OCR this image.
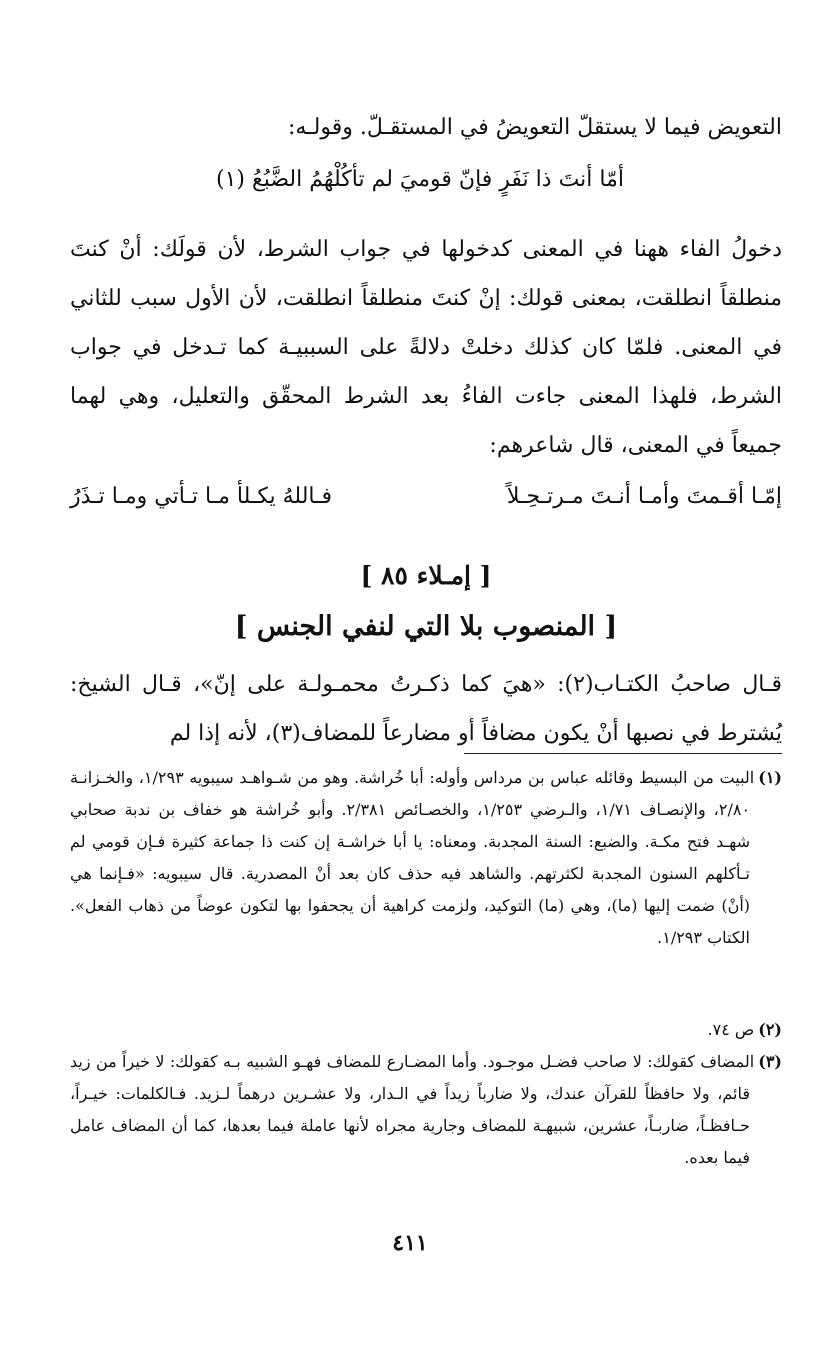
التعويض فيما لا يستقلّ التعويضُ في المستقـلّ. وقولـه:

أمّا أنتَ ذا نَفَرٍ فإنّ قوميَ لم تأكُلْهُمُ الضَّبُعُ (١)

دخولُ الفاء ههنا في المعنى كدخولها في جواب الشرط، لأن قولَك: أنْ كنتَ منطلقاً انطلقت، بمعنى قولك: إنْ كنتَ منطلقاً انطلقت، لأن الأول سبب للثاني في المعنى. فلمّا كان كذلك دخلتْ دلالةً على السببيـة كما تـدخل في جواب الشرط، فلهذا المعنى جاءت الفاءُ بعد الشرط المحقّق والتعليل، وهي لهما جميعاً في المعنى، قال شاعرهم:

إمّـا أقـمتَ وأمـا أنـتَ مـرتـحِـلاً
فـاللهُ يكـلأ مـا تـأتي ومـا تـذَرُ

[ إمـلاء ٨٥ ]

[ المنصوب بلا التي لنفي الجنس ]

قـال صاحبُ الكتـاب(٢): «هيَ كما ذكـرتُ محمـولـة على إنّ»، قـال الشيخ: يُشترط في نصبها أنْ يكون مضافاً أو مضارعاً للمضاف(٣)، لأنه إذا لم

(١)البيت من البسيط وقائله عباس بن مرداس وأوله: أبا خُراشة. وهو من شـواهـد سيبويه ١/٢٩٣، والخـزانـة ٢/٨٠، والإنصـاف ١/٧١، والـرضي ١/٢٥٣، والخصـائص ٢/٣٨١. وأبو خُراشة هو خفاف بن ندبة صحابي شهـد فتح مكـة. والضبع: السنة المجدبة. ومعناه: يا أبا خراشـة إن كنت ذا جماعة كثيرة فـإن قومي لم تـأكلهم السنون المجدبة لكثرتهم. والشاهد فيه حذف كان بعد أنْ المصدرية. قال سيبويه: «فـإنما هي (أنْ) ضمت إليها (ما)، وهي (ما) التوكيد، ولزمت كراهية أن يجحفوا بها لتكون عوضاً من ذهاب الفعل». الكتاب ١/٢٩٣.
(٢)ص ٧٤.
(٣)المضاف كقولك: لا صاحب فضـل موجـود. وأما المضـارع للمضاف فهـو الشبيه بـه كقولك: لا خيراً من زيد قائم، ولا حافظاً للقرآن عندك، ولا ضارباً زيداً في الـدار، ولا عشـرين درهماً لـزيد. فـالكلمات: خيـراً، حـافظـاً، ضاربـاً، عشرين، شبيهـة للمضاف وجارية مجراه لأنها عاملة فيما بعدها، كما أن المضاف عامل فيما بعده.
٤١١
